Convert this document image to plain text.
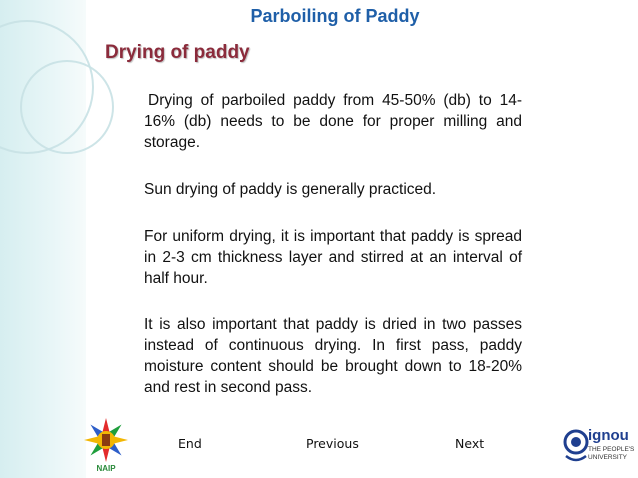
Parboiling of Paddy
Drying of paddy
Drying of parboiled paddy from 45-50% (db) to 14-16% (db) needs to be done for proper milling and storage.
Sun drying of paddy is generally practiced.
For uniform drying, it is important that paddy is spread in 2-3 cm thickness layer and stirred at an interval of half hour.
It is also important that paddy is dried in two passes instead of continuous drying. In first pass, paddy moisture content should be brought down to 18-20% and rest in second pass.
NAIP
End	Previous	Next	ignou
THE PEOPLE'S
UNIVERSITY
